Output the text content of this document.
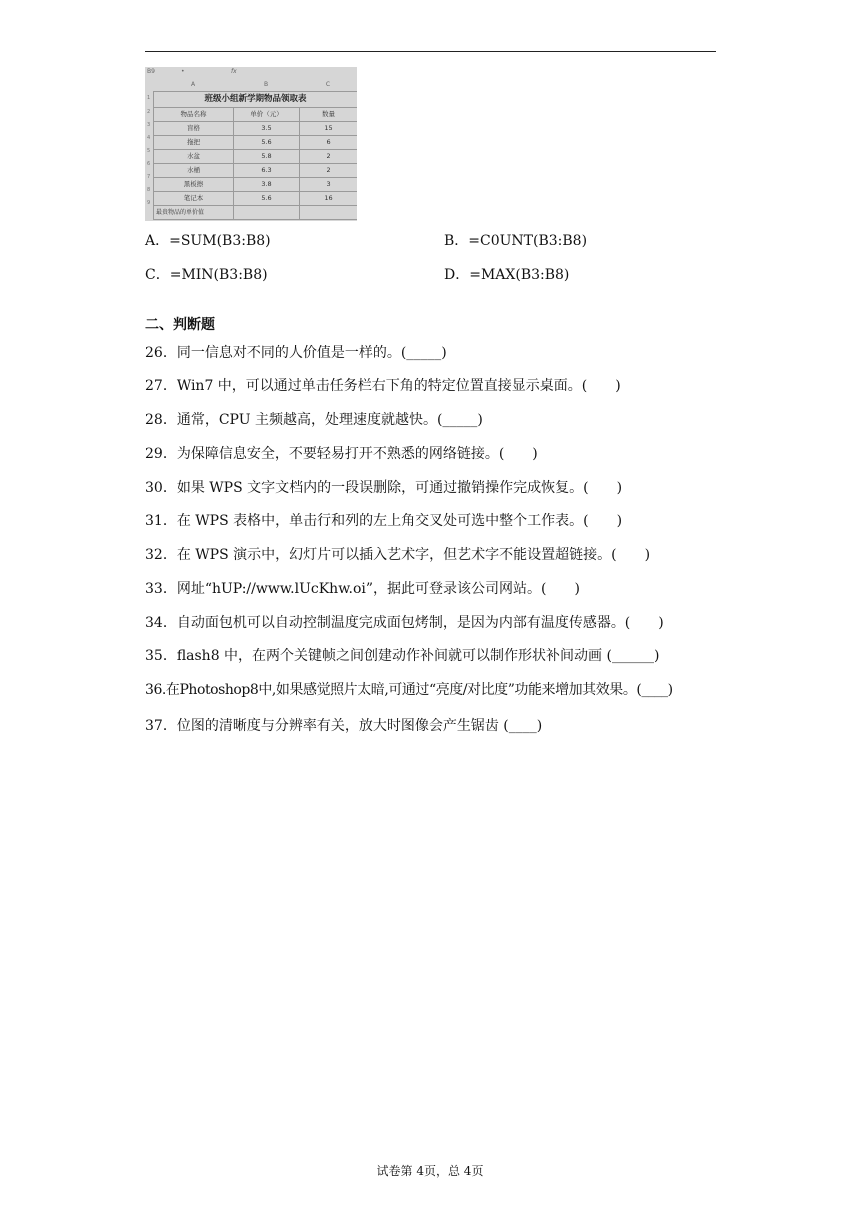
B9	•	fx
A	B	C
1
2
3
4
5
6
7
8
9
班级小组新学期物品领取表		
物品名称	单价（元）	数量
盲格	3.5	15
拖把	5.6	6
水盆	5.8	2
水桶	6.3	2
黑板擦	3.8	3
笔记本	5.6	16
最贵物品的单价值		
A．=SUM(B3:B8)	B．=C0UNT(B3:B8)
C．=MIN(B3:B8)	D．=MAX(B3:B8)
二、判断题
26．同一信息对不同的人价值是一样的。(_____)
27．Win7 中，可以通过单击任务栏右下角的特定位置直接显示桌面。(　　)
28．通常，CPU 主频越高，处理速度就越快。(_____)
29．为保障信息安全，不要轻易打开不熟悉的网络链接。(　　)
30．如果 WPS 文字文档内的一段误删除，可通过撤销操作完成恢复。(　　)
31．在 WPS 表格中，单击行和列的左上角交叉处可选中整个工作表。(　　)
32．在 WPS 演示中，幻灯片可以插入艺术字，但艺术字不能设置超链接。(　　)
33．网址“hUP://www.lUcKhw.oi”，据此可登录该公司网站。(　　)
34．自动面包机可以自动控制温度完成面包烤制，是因为内部有温度传感器。(　　)
35．flash8 中，在两个关键帧之间创建动作补间就可以制作形状补间动画 (______)
36.在Photoshop8中,如果感觉照片太暗,可通过“亮度/对比度”功能来增加其效果。(____)
37．位图的清晰度与分辨率有关，放大时图像会产生锯齿 (____)
试卷第 4页，总 4页
